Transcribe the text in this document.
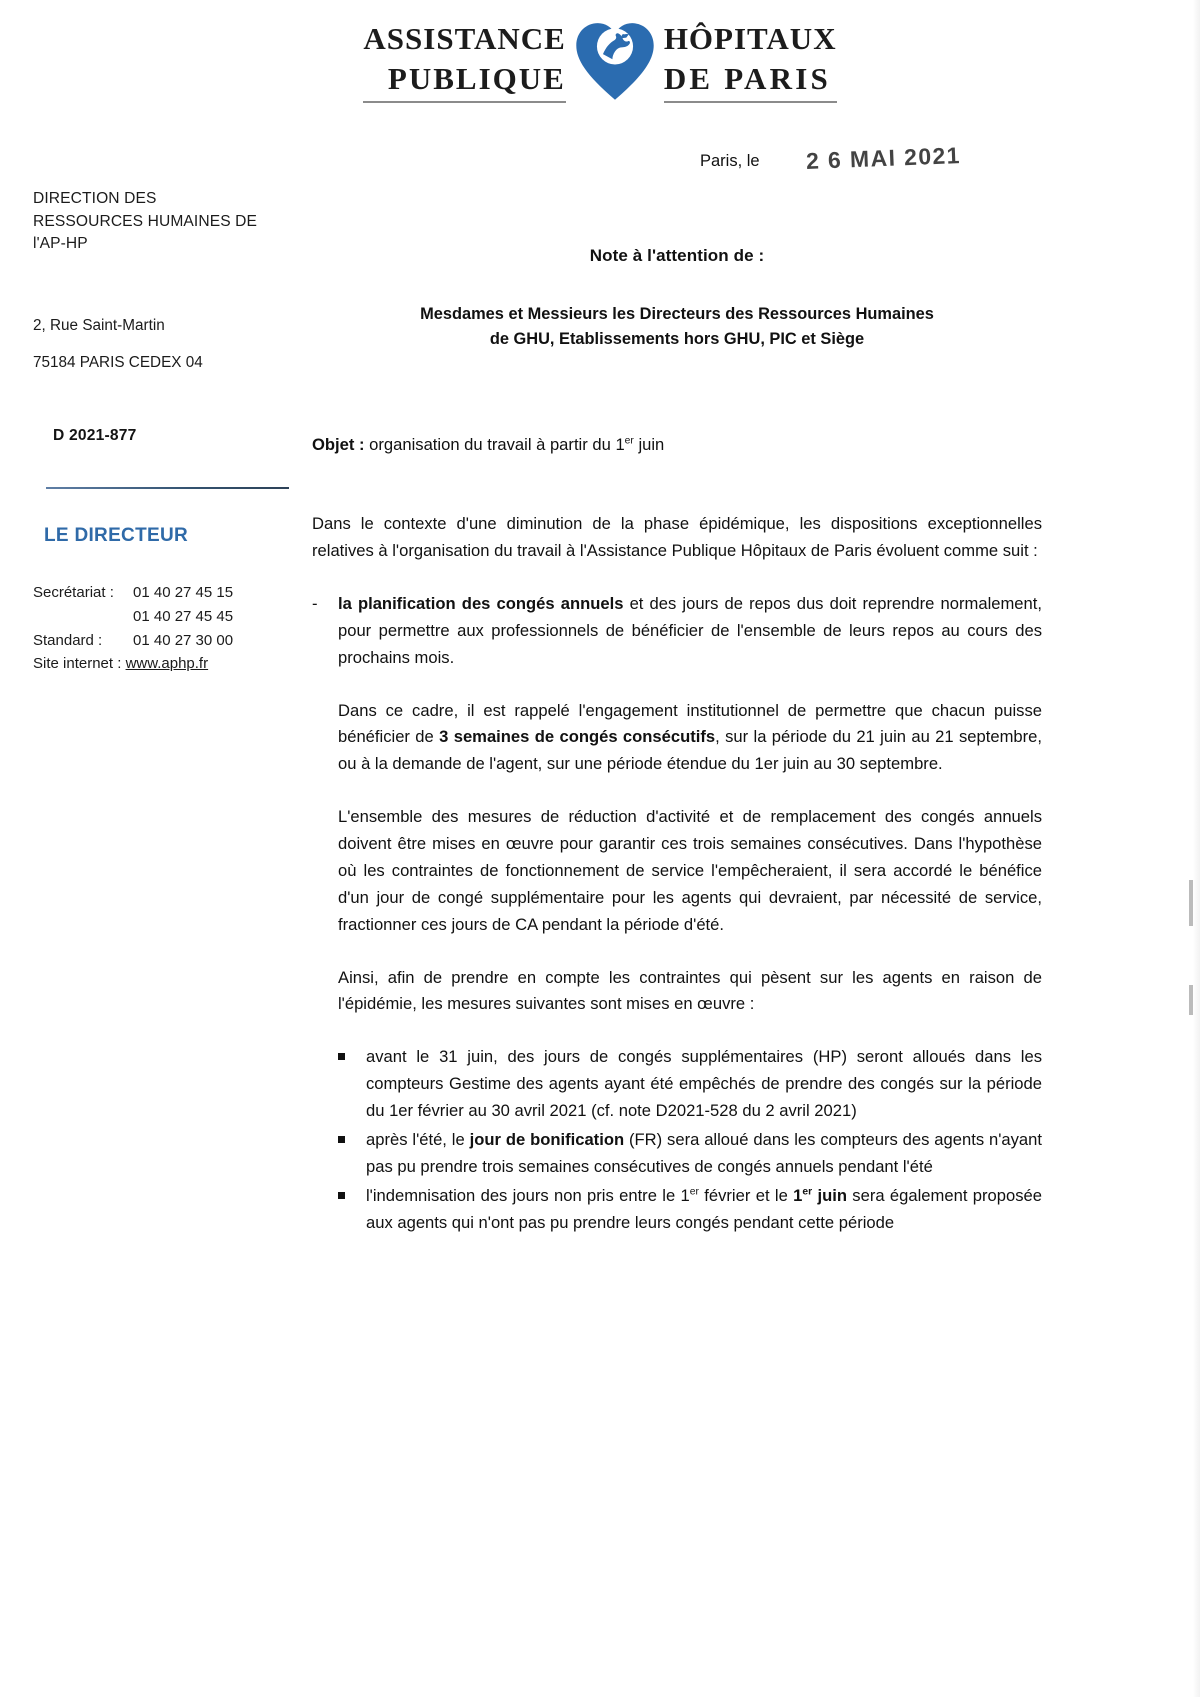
ASSISTANCE
PUBLIQUE
HÔPITAUX
DE PARIS
Paris, le 2 6 MAI 2021
DIRECTION DES
RESSOURCES HUMAINES DE
l'AP-HP
2, Rue Saint-Martin
75184 PARIS CEDEX 04
D 2021-877
LE DIRECTEUR
Secrétariat :	01 40 27 45 15
01 40 27 45 45
Standard :	01 40 27 30 00
Site internet :
www.aphp.fr
Note à l'attention de :
Mesdames et Messieurs les Directeurs des Ressources Humaines
de GHU, Etablissements hors GHU, PIC et Siège
Objet : organisation du travail à partir du 1er juin

Dans le contexte d'une diminution de la phase épidémique, les dispositions exceptionnelles relatives à l'organisation du travail à l'Assistance Publique Hôpitaux de Paris évoluent comme suit :

- la planification des congés annuels et des jours de repos dus doit reprendre normalement, pour permettre aux professionnels de bénéficier de l'ensemble de leurs repos au cours des prochains mois.

Dans ce cadre, il est rappelé l'engagement institutionnel de permettre que chacun puisse bénéficier de 3 semaines de congés consécutifs, sur la période du 21 juin au 21 septembre, ou à la demande de l'agent, sur une période étendue du 1er juin au 30 septembre.

L'ensemble des mesures de réduction d'activité et de remplacement des congés annuels doivent être mises en œuvre pour garantir ces trois semaines consécutives. Dans l'hypothèse où les contraintes de fonctionnement de service l'empêcheraient, il sera accordé le bénéfice d'un jour de congé supplémentaire pour les agents qui devraient, par nécessité de service, fractionner ces jours de CA pendant la période d'été.

Ainsi, afin de prendre en compte les contraintes qui pèsent sur les agents en raison de l'épidémie, les mesures suivantes sont mises en œuvre :

avant le 31 juin, des jours de congés supplémentaires (HP) seront alloués dans les compteurs Gestime des agents ayant été empêchés de prendre des congés sur la période du 1er février au 30 avril 2021 (cf. note D2021-528 du 2 avril 2021)
après l'été, le jour de bonification (FR) sera alloué dans les compteurs des agents n'ayant pas pu prendre trois semaines consécutives de congés annuels pendant l'été
l'indemnisation des jours non pris entre le 1er février et le 1er juin sera également proposée aux agents qui n'ont pas pu prendre leurs congés pendant cette période
